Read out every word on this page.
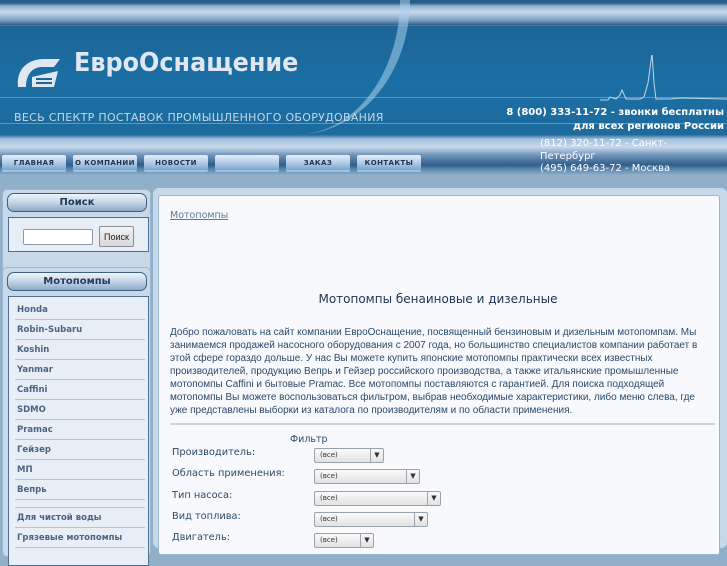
ЕвроОснащение
ВЕСЬ СПЕКТР ПОСТАВОК ПРОМЫШЛЕННОГО ОБОРУДОВАНИЯ	8 (800) 333-11-72 - звонки бесплатны
для всех регионов России
ГЛАВНАЯ	О КОМПАНИИ	НОВОСТИ	ЗАКАЗ	КОНТАКТЫ
(812) 320-11-72 - Санкт-Петербург
(495) 649-63-72 - Москва
Поиск
Поиск
Мотопомпы
Honda
Robin-Subaru
Koshin
Yanmar
Caffini
SDMO
Pramac
Гейзер
МП
Вепрь
Для чистой воды
Грязевые мотопомпы
Мотопомпы
Мотопомпы бенаиновые и дизельные
Добро пожаловать на сайт компании ЕвроОснащение, посвященный бензиновым и дизельным мотопомпам. Мы занимаемся продажей насосного оборудования с 2007 года, но большинство специалистов компании работает в этой сфере гораздо дольше. У нас Вы можете купить японские мотопомпы практически всех известных производителей, продукцию Вепрь и Гейзер российского производства, а также итальянские промышленные мотопомпы Caffini и бытовые Pramac. Все мотопомпы поставляются с гарантией. Для поиска подходящей мотопомпы Вы можете воспользоваться фильтром, выбрав необходимые характеристики, либо меню слева, где уже представлены выборки из каталога по производителям и по области применения.
Фильтр
Производитель:	(все)	▼
Область применения:	(все)	▼
Тип насоса:	(все)	▼
Вид топлива:	(все)	▼
Двигатель:	(все)	▼
